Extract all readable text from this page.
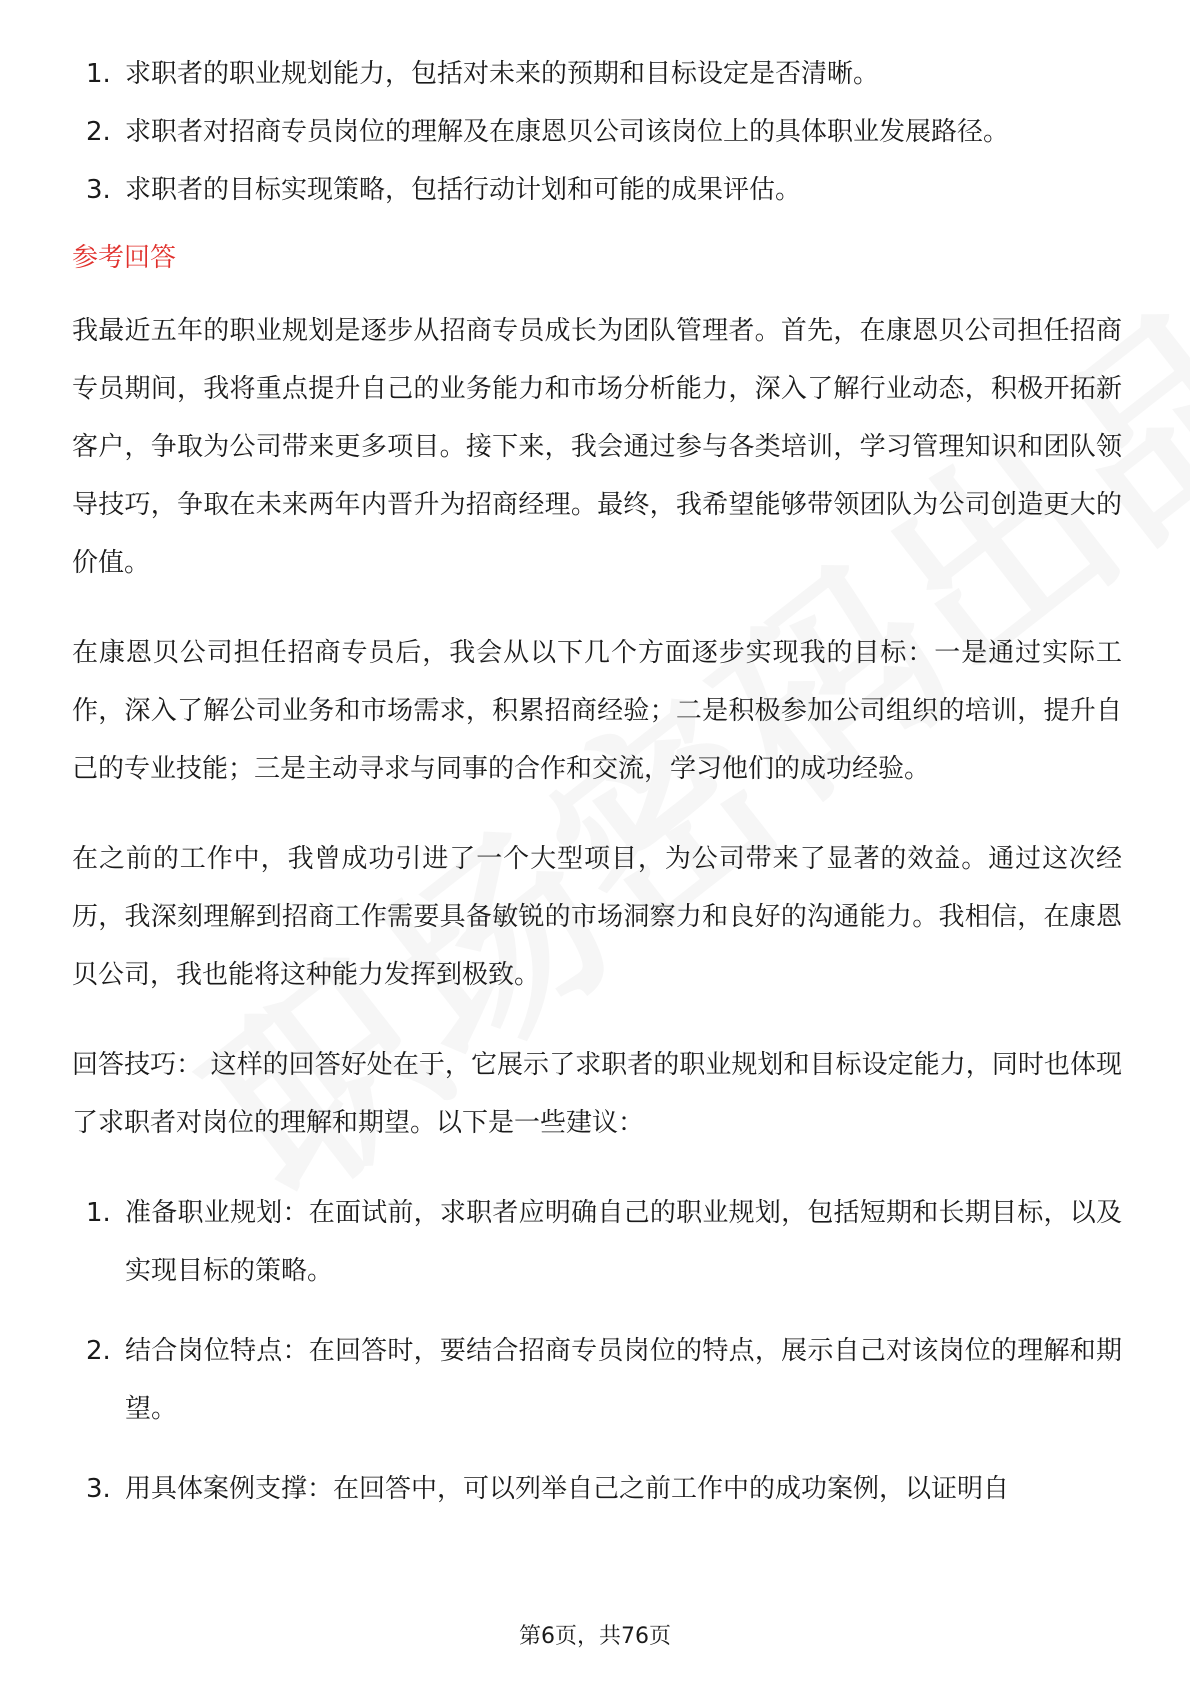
1. 求职者的职业规划能力，包括对未来的预期和目标设定是否清晰。
2. 求职者对招商专员岗位的理解及在康恩贝公司该岗位上的具体职业发展路径。
3. 求职者的目标实现策略，包括行动计划和可能的成果评估。
参考回答

我最近五年的职业规划是逐步从招商专员成长为团队管理者。首先，在康恩贝公司担任招商专员期间，我将重点提升自己的业务能力和市场分析能力，深入了解行业动态，积极开拓新客户，争取为公司带来更多项目。接下来，我会通过参与各类培训，学习管理知识和团队领导技巧，争取在未来两年内晋升为招商经理。最终，我希望能够带领团队为公司创造更大的价值。

在康恩贝公司担任招商专员后，我会从以下几个方面逐步实现我的目标：一是通过实际工作，深入了解公司业务和市场需求，积累招商经验；二是积极参加公司组织的培训，提升自己的专业技能；三是主动寻求与同事的合作和交流，学习他们的成功经验。

在之前的工作中，我曾成功引进了一个大型项目，为公司带来了显著的效益。通过这次经历，我深刻理解到招商工作需要具备敏锐的市场洞察力和良好的沟通能力。我相信，在康恩贝公司，我也能将这种能力发挥到极致。

回答技巧： 这样的回答好处在于，它展示了求职者的职业规划和目标设定能力，同时也体现了求职者对岗位的理解和期望。以下是一些建议：

1. 准备职业规划：在面试前，求职者应明确自己的职业规划，包括短期和长期目标，以及实现目标的策略。
2. 结合岗位特点：在回答时，要结合招商专员岗位的特点，展示自己对该岗位的理解和期望。
3. 用具体案例支撑：在回答中，可以列举自己之前工作中的成功案例，以证明自
第6页，共76页
